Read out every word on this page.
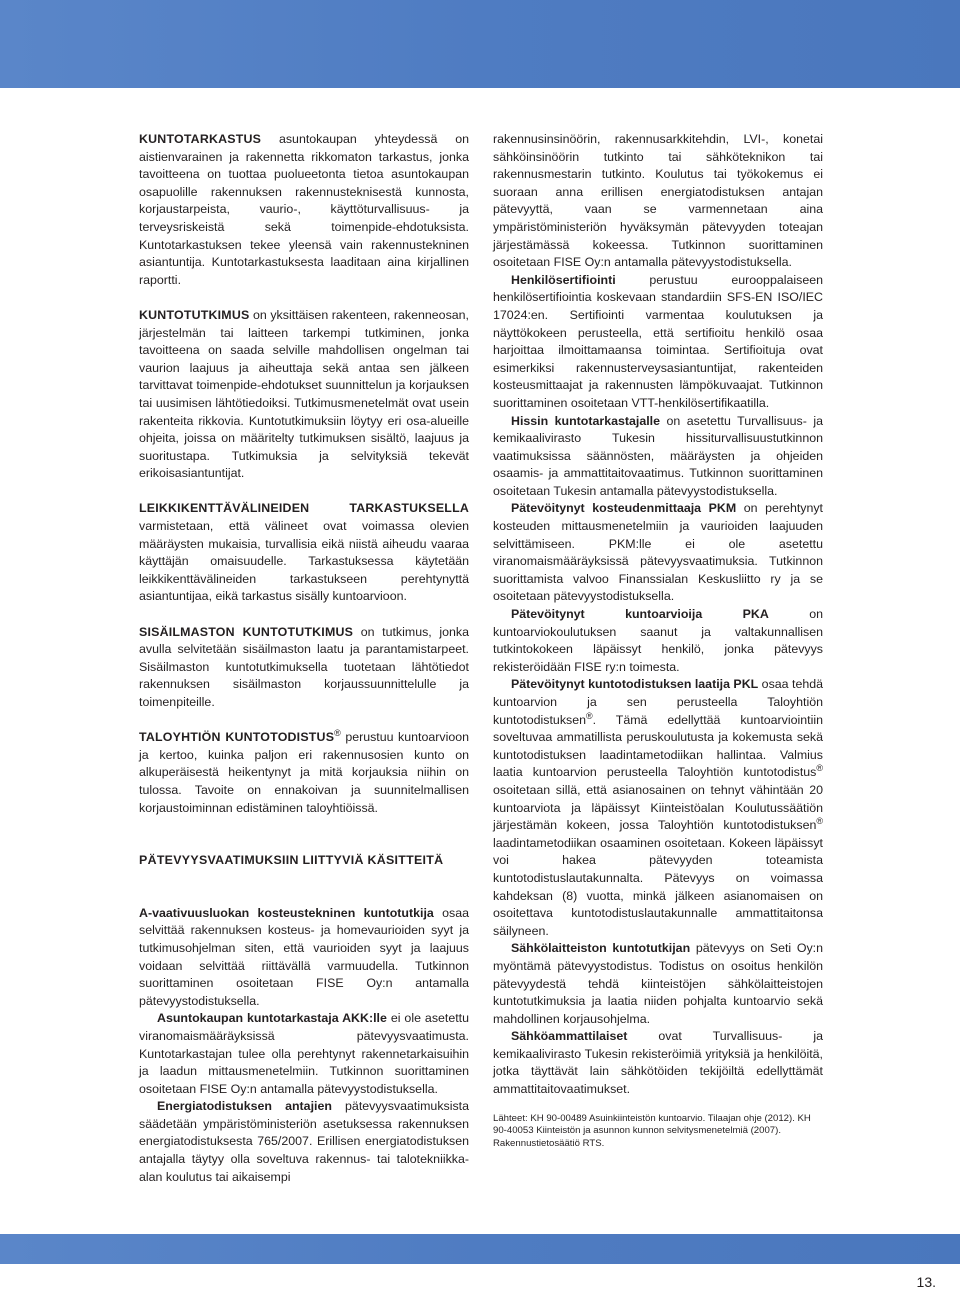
KUNTOTARKASTUS asuntokaupan yhteydessä on aistienvarainen ja rakennetta rikkomaton tarkastus, jonka tavoitteena on tuottaa puolueetonta tietoa asuntokaupan osapuolille rakennuksen rakennusteknisestä kunnosta, korjaustarpeista, vaurio-, käyttöturvallisuus- ja terveysriskeistä sekä toimenpide-ehdotuksista. Kuntotarkastuksen tekee yleensä vain rakennustekninen asiantuntija. Kuntotarkastuksesta laaditaan aina kirjallinen raportti.

KUNTOTUTKIMUS on yksittäisen rakenteen, rakenneosan, järjestelmän tai laitteen tarkempi tutkiminen, jonka tavoitteena on saada selville mahdollisen ongelman tai vaurion laajuus ja aiheuttaja sekä antaa sen jälkeen tarvittavat toimenpide-ehdotukset suunnittelun ja korjauksen tai uusimisen lähtötiedoiksi. Tutkimusmenetelmät ovat usein rakenteita rikkovia. Kuntotutkimuksiin löytyy eri osa-alueille ohjeita, joissa on määritelty tutkimuksen sisältö, laajuus ja suoritustapa. Tutkimuksia ja selvityksiä tekevät erikoisasiantuntijat.

LEIKKIKENTTÄVÄLINEIDEN TARKASTUKSELLA varmistetaan, että välineet ovat voimassa olevien määräysten mukaisia, turvallisia eikä niistä aiheudu vaaraa käyttäjän omaisuudelle. Tarkastuksessa käytetään leikkikenttävälineiden tarkastukseen perehtynyttä asiantuntijaa, eikä tarkastus sisälly kuntoarvioon.

SISÄILMASTON KUNTOTUTKIMUS on tutkimus, jonka avulla selvitetään sisäilmaston laatu ja parantamistarpeet. Sisäilmaston kuntotutkimuksella tuotetaan lähtötiedot rakennuksen sisäilmaston korjaussuunnittelulle ja toimenpiteille.

TALOYHTIÖN KUNTOTODISTUS® perustuu kuntoarvioon ja kertoo, kuinka paljon eri rakennusosien kunto on alkuperäisestä heikentynyt ja mitä korjauksia niihin on tulossa. Tavoite on ennakoivan ja suunnitelmallisen korjaustoiminnan edistäminen taloyhtiöissä.

PÄTEVYYSVAATIMUKSIIN LIITTYVIÄ KÄSITTEITÄ

A-vaativuusluokan kosteustekninen kuntotutkija osaa selvittää rakennuksen kosteus- ja homevaurioiden syyt ja tutkimusohjelman siten, että vaurioiden syyt ja laajuus voidaan selvittää riittävällä varmuudella. Tutkinnon suorittaminen osoitetaan FISE Oy:n antamalla pätevyystodistuksella.

Asuntokaupan kuntotarkastaja AKK:lle ei ole asetettu viranomaismääräyksissä pätevyysvaatimusta. Kuntotarkastajan tulee olla perehtynyt rakennetarkaisuihin ja laadun mittausmenetelmiin. Tutkinnon suorittaminen osoitetaan FISE Oy:n antamalla pätevyystodistuksella.

Energiatodistuksen antajien pätevyysvaatimuksista säädetään ympäristöministeriön asetuksessa rakennuksen energiatodistuksesta 765/2007. Erillisen energiatodistuksen antajalla täytyy olla soveltuva rakennus- tai talotekniikka-alan koulutus tai aikaisempi

rakennusinsinöörin, rakennusarkkitehdin, LVI-, konetai sähköinsinöörin tutkinto tai sähköteknikon tai rakennusmestarin tutkinto. Koulutus tai työkokemus ei suoraan anna erillisen energiatodistuksen antajan pätevyyttä, vaan se varmennetaan aina ympäristöministeriön hyväksymän pätevyyden toteajan järjestämässä kokeessa. Tutkinnon suorittaminen osoitetaan FISE Oy:n antamalla pätevyystodistuksella.

Henkilösertifiointi perustuu eurooppalaiseen henkilösertifiointia koskevaan standardiin SFS-EN ISO/IEC 17024:en. Sertifiointi varmentaa koulutuksen ja näyttökokeen perusteella, että sertifioitu henkilö osaa harjoittaa ilmoittamaansa toimintaa. Sertifioituja ovat esimerkiksi rakennusterveysasiantuntijat, rakenteiden kosteusmittaajat ja rakennusten lämpökuvaajat. Tutkinnon suorittaminen osoitetaan VTT-henkilösertifikaatilla.

Hissin kuntotarkastajalle on asetettu Turvallisuus- ja kemikaalivirasto Tukesin hissiturvallisuustutkinnon vaatimuksissa säännösten, määräysten ja ohjeiden osaamis- ja ammattitaitovaatimus. Tutkinnon suorittaminen osoitetaan Tukesin antamalla pätevyystodistuksella.

Pätevöitynyt kosteudenmittaaja PKM on perehtynyt kosteuden mittausmenetelmiin ja vaurioiden laajuuden selvittämiseen. PKM:lle ei ole asetettu viranomaismääräyksissä pätevyysvaatimuksia. Tutkinnon suorittamista valvoo Finanssialan Keskusliitto ry ja se osoitetaan pätevyystodistuksella.

Pätevöitynyt kuntoarvioija PKA on kuntoarviokoulutuksen saanut ja valtakunnallisen tutkintokokeen läpäissyt henkilö, jonka pätevyys rekisteröidään FISE ry:n toimesta.

Pätevöitynyt kuntotodistuksen laatija PKL osaa tehdä kuntoarvion ja sen perusteella Taloyhtiön kuntotodistuksen®. Tämä edellyttää kuntoarviointiin soveltuvaa ammatillista peruskoulutusta ja kokemusta sekä kuntotodistuksen laadintametodiikan hallintaa. Valmius laatia kuntoarvion perusteella Taloyhtiön kuntotodistus® osoitetaan sillä, että asianosainen on tehnyt vähintään 20 kuntoarviota ja läpäissyt Kiinteistöalan Koulutussäätiön järjestämän kokeen, jossa Taloyhtiön kuntotodistuksen® laadintametodiikan osaaminen osoitetaan. Kokeen läpäissyt voi hakea pätevyyden toteamista kuntotodistuslautakunnalta. Pätevyys on voimassa kahdeksan (8) vuotta, minkä jälkeen asianomaisen on osoitettava kuntotodistuslautakunnalle ammattitaitonsa säilyneen.

Sähkölaitteiston kuntotutkijan pätevyys on Seti Oy:n myöntämä pätevyystodistus. Todistus on osoitus henkilön pätevyydestä tehdä kiinteistöjen sähkölaitteistojen kuntotutkimuksia ja laatia niiden pohjalta kuntoarvio sekä mahdollinen korjausohjelma.

Sähköammattilaiset ovat Turvallisuus- ja kemikaalivirasto Tukesin rekisteröimiä yrityksiä ja henkilöitä, jotka täyttävät lain sähkötöiden tekijöiltä edellyttämät ammattitaitovaatimukset.

Lähteet: KH 90-00489 Asuinkiinteistön kuntoarvio. Tilaajan ohje (2012). KH 90-40053 Kiinteistön ja asunnon kunnon selvitysmenetelmiä (2007). Rakennustietosäätiö RTS.

13.
